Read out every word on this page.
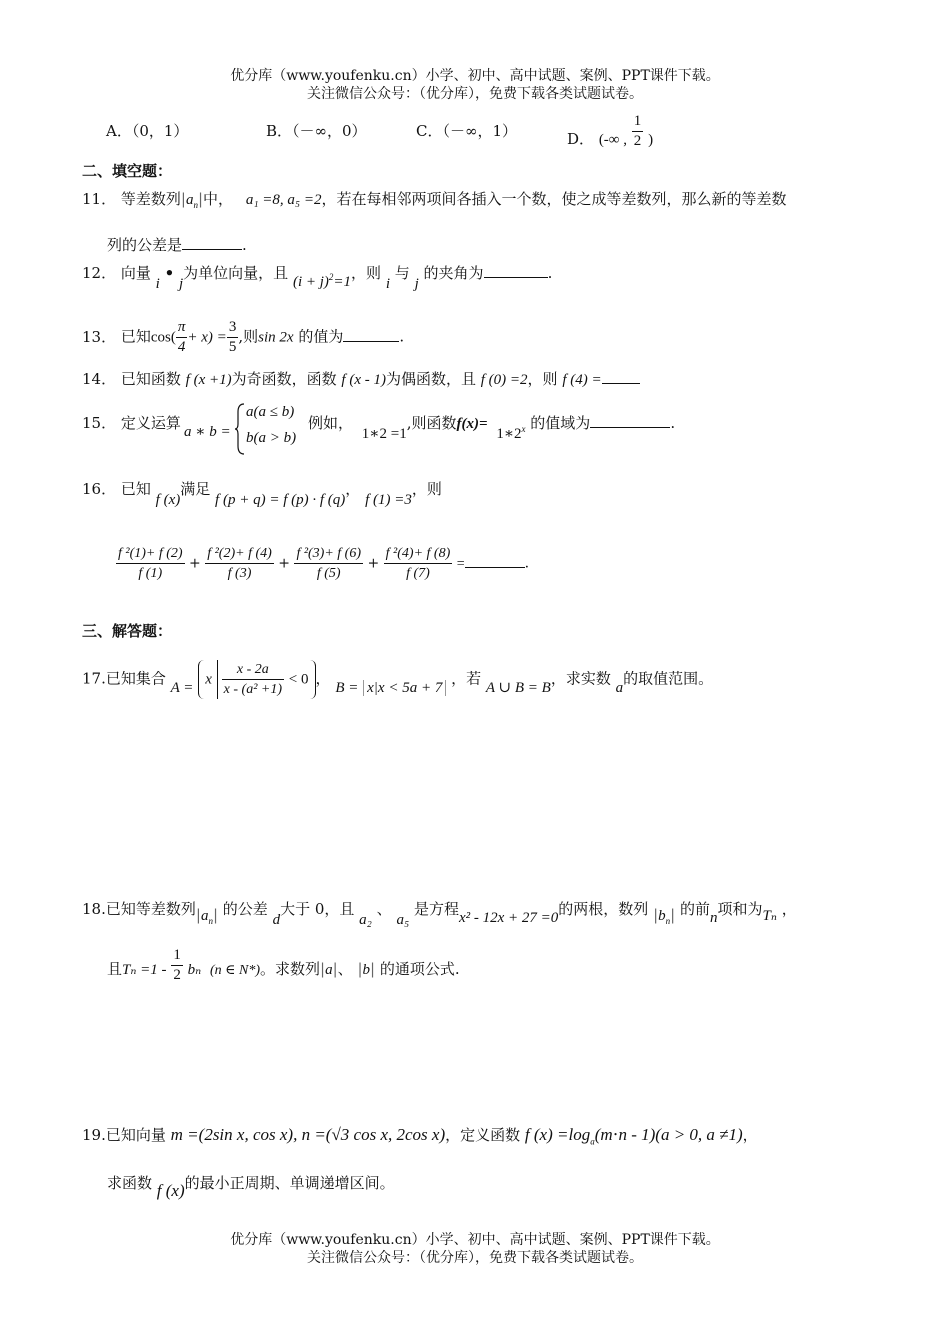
优分库（www.youfenku.cn）小学、初中、高中试题、案例、PPT课件下载。
关注微信公众号：（优分库），免费下载各类试题试卷。
A．（0，1）	B．（－∞，0）	C．（－∞，1）	D． (-∞ , $\frac{1}{2}$ )
二、填空题：
11． 等差数列$|a_n|$中， a₁ =8, a₅ =2，若在每相邻两项间各插入一个数，使之成等差数列，那么新的等差数
列的公差是	.
12． 向量 i • j为单位向量，且 $(i + j)^2=1$，则 i 与 j 的夹角为	.
13． 已知$\cos( \frac{\pi}{4} + x) = \frac{3}{5}$ ,则sin 2x 的值为	.
14． 已知函数 f (x +1)为奇函数，函数 f (x - 1)为偶函数，且 f (0) =2，则 f (4) =
15． 定义运算 a ∗ b =
a(a ≤ b)
b(a > b)
例如， 1∗2 =1,则函数$f(x)= 1∗2^x$ 的值域为	.
16． 已知 f (x)满足 f (p + q) = f (p) · f (q)， f (1) =3，则
$\frac{\text{f ²(1)+ f (2)}}{f (1)} + \frac{\text{f ²(2)+ f (4)}}{f (3)} + \frac{\text{f ²(3)+ f (6)}}{f (5)} + \frac{\text{f ²(4)+ f (8)}}{f (7)}$ =	.
三、解答题：
17.已知集合 A = x $\frac{x - 2a}{\text{x - (a² +1)}} < 0$ ， B = x|x < 5a + 7 ，若 A ∪ B = B，求实数 a的取值范围。
18.已知等差数列$|a_n|$ 的公差 d大于 0，且 a₂ 、 a₅ 是方程x² - 12x + 27 =0的两根，数列 $|b_n|$ 的前n项和为Tₙ ，
且$T_n =1 - \frac{1}{2}$ bₙ (n ∈ N*)。求数列|a|、 |b| 的通项公式.
19.已知向量 m =(2sin x, cos x), n =(√3 cos x, 2cos x)，定义函数 f $(x) =\log_a(m\cdot n - 1)(a > 0$, a ≠1)，
求函数 f (x)的最小正周期、单调递增区间。
优分库（www.youfenku.cn）小学、初中、高中试题、案例、PPT课件下载。
关注微信公众号：（优分库），免费下载各类试题试卷。
